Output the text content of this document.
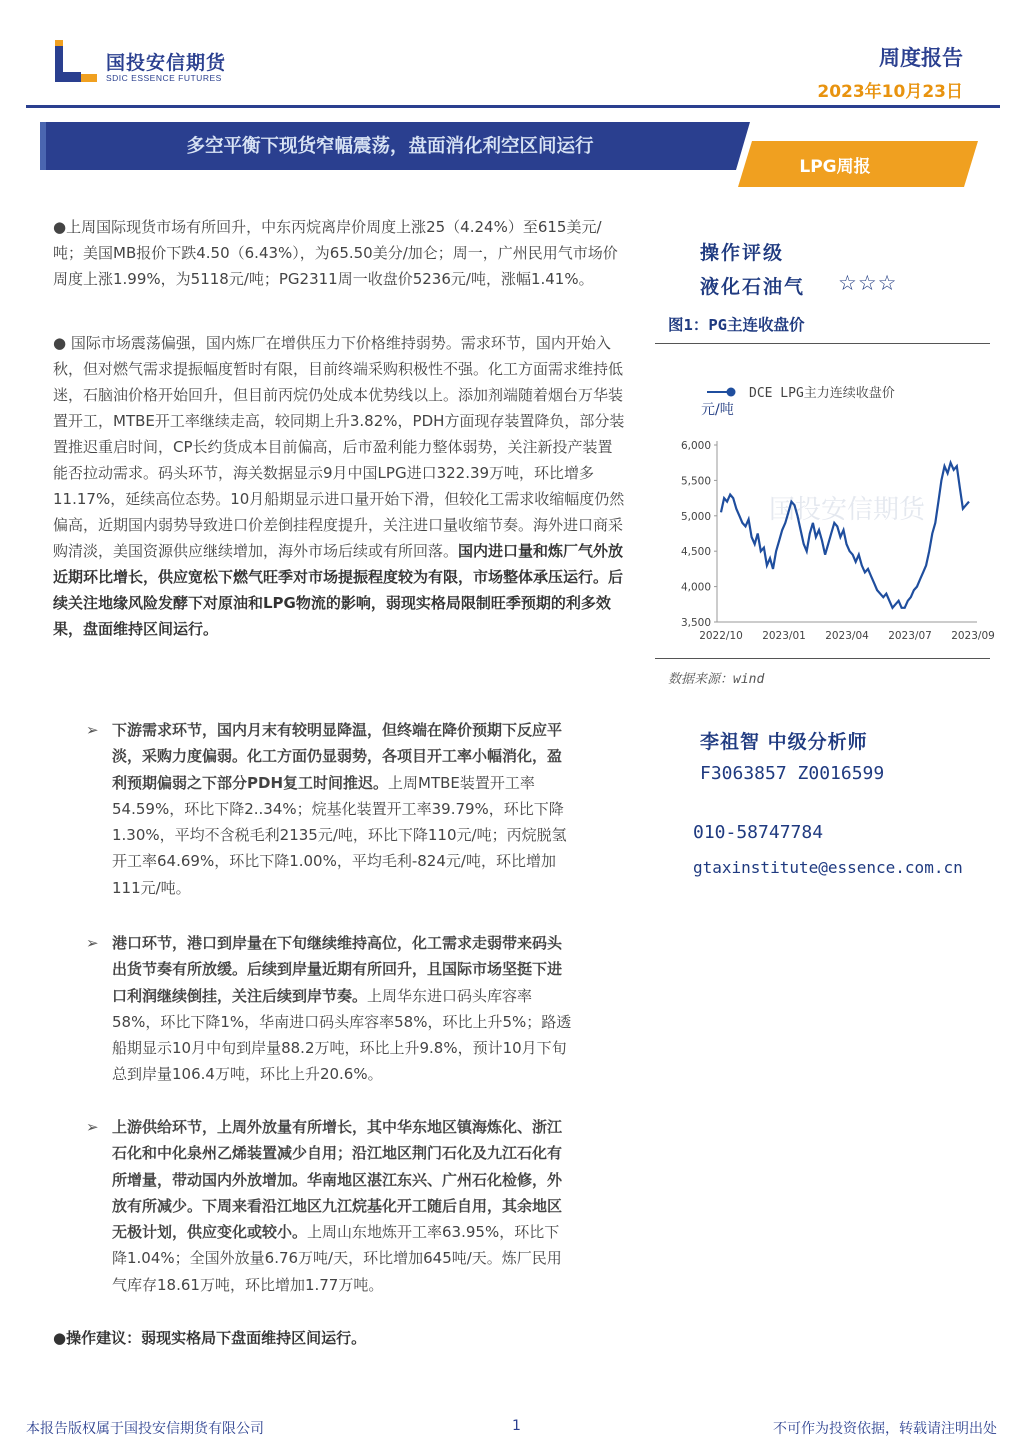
国投安信期货
SDIC ESSENCE FUTURES
周度报告
2023年10月23日
多空平衡下现货窄幅震荡，盘面消化利空区间运行
LPG周报

●上周国际现货市场有所回升，中东丙烷离岸价周度上涨25（4.24%）至615美元/吨；美国MB报价下跌4.50（6.43%），为65.50美分/加仑；周一，广州民用气市场价周度上涨1.99%，为5118元/吨；PG2311周一收盘价5236元/吨，涨幅1.41%。

● 国际市场震荡偏强，国内炼厂在增供压力下价格维持弱势。需求环节，国内开始入秋，但对燃气需求提振幅度暂时有限，目前终端采购积极性不强。化工方面需求维持低迷，石脑油价格开始回升，但目前丙烷仍处成本优势线以上。添加剂端随着烟台万华装置开工，MTBE开工率继续走高，较同期上升3.82%，PDH方面现存装置降负，部分装置推迟重启时间，CP长约货成本目前偏高，后市盈利能力整体弱势，关注新投产装置能否拉动需求。码头环节，海关数据显示9月中国LPG进口322.39万吨，环比增多11.17%，延续高位态势。10月船期显示进口量开始下滑，但较化工需求收缩幅度仍然偏高，近期国内弱势导致进口价差倒挂程度提升，关注进口量收缩节奏。海外进口商采购清淡，美国资源供应继续增加，海外市场后续或有所回落。国内进口量和炼厂气外放近期环比增长，供应宽松下燃气旺季对市场提振程度较为有限，市场整体承压运行。后续关注地缘风险发酵下对原油和LPG物流的影响，弱现实格局限制旺季预期的利多效果，盘面维持区间运行。

➢ 下游需求环节，国内月末有较明显降温，但终端在降价预期下反应平淡，采购力度偏弱。化工方面仍显弱势，各项目开工率小幅消化，盈利预期偏弱之下部分PDH复工时间推迟。上周MTBE装置开工率54.59%，环比下降2..34%；烷基化装置开工率39.79%，环比下降1.30%，平均不含税毛利2135元/吨，环比下降110元/吨；丙烷脱氢开工率64.69%，环比下降1.00%，平均毛利-824元/吨，环比增加111元/吨。
➢ 港口环节，港口到岸量在下旬继续维持高位，化工需求走弱带来码头出货节奏有所放缓。后续到岸量近期有所回升，且国际市场坚挺下进口利润继续倒挂，关注后续到岸节奏。上周华东进口码头库容率58%，环比下降1%，华南进口码头库容率58%，环比上升5%；路透船期显示10月中旬到岸量88.2万吨，环比上升9.8%，预计10月下旬总到岸量106.4万吨，环比上升20.6%。
➢ 上游供给环节，上周外放量有所增长，其中华东地区镇海炼化、浙江石化和中化泉州乙烯装置减少自用；沿江地区荆门石化及九江石化有所增量，带动国内外放增加。华南地区湛江东兴、广州石化检修，外放有所减少。下周来看沿江地区九江烷基化开工随后自用，其余地区无极计划，供应变化或较小。上周山东地炼开工率63.95%，环比下降1.04%；全国外放量6.76万吨/天，环比增加645吨/天。炼厂民用气库存18.61万吨，环比增加1.77万吨。

●操作建议：弱现实格局下盘面维持区间运行。

操作评级
液化石油气 ☆☆☆
图1：PG主连收盘价
国投安信期货
3,500
4,000
4,500
5,000
5,500
6,000
2022/10 2023/01 2023/04 2023/07 2023/09
DCE LPG主力连续收盘价
元/吨
数据来源：wind
李祖智 中级分析师
F3063857 Z0016599
010-58747784
gtaxinstitute@essence.com.cn
本报告版权属于国投安信期货有限公司	1	不可作为投资依据，转载请注明出处
